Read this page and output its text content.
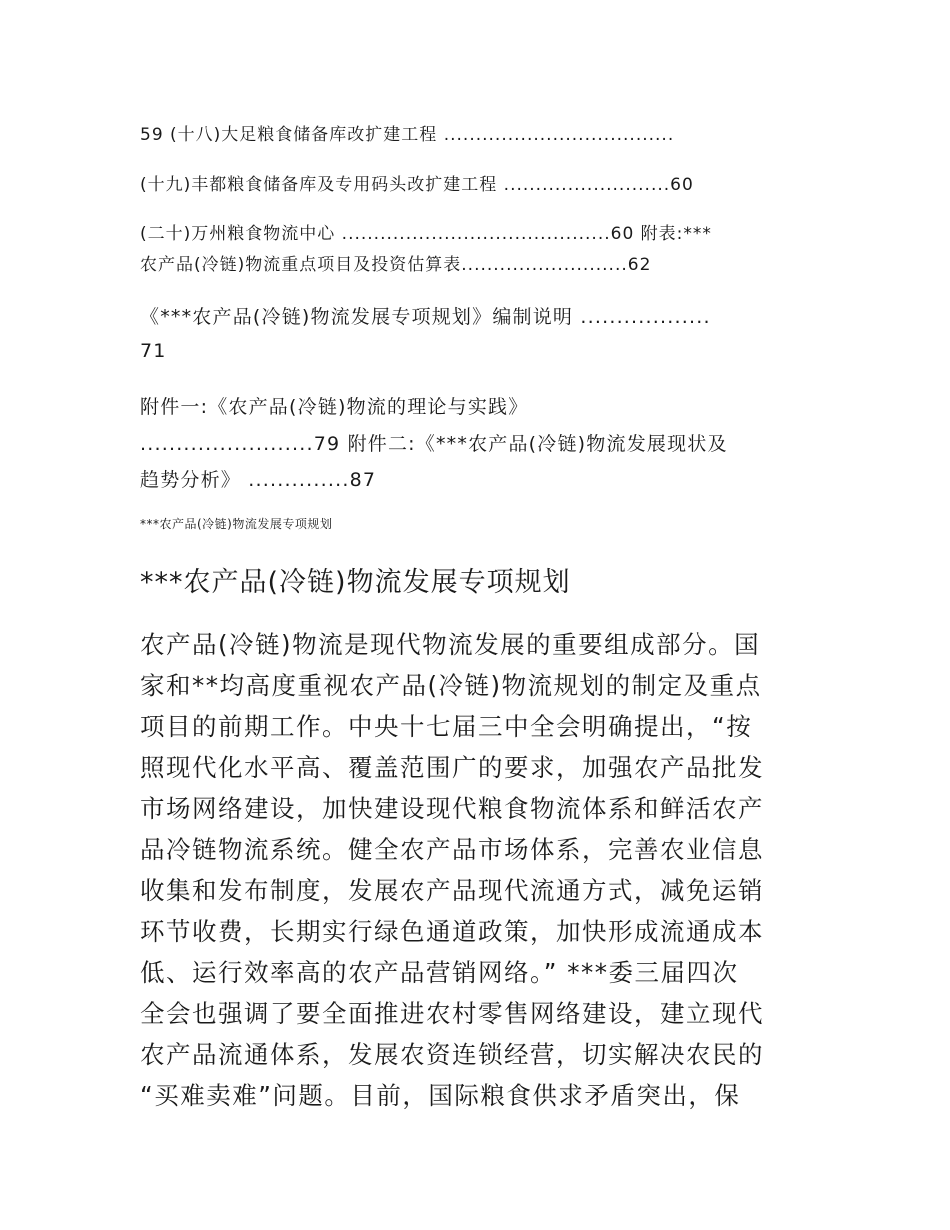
59 (十八)大足粮食储备库改扩建工程 ....................................

(十九)丰都粮食储备库及专用码头改扩建工程 ..........................60

(二十)万州粮食物流中心 ..........................................60 附表:***

农产品(冷链)物流重点项目及投资估算表..........................62

《***农产品(冷链)物流发展专项规划》编制说明 ..................

71

附件一:《农产品(冷链)物流的理论与实践》

........................79 附件二:《***农产品(冷链)物流发展现状及

趋势分析》 ..............87

***农产品(冷链)物流发展专项规划

***农产品(冷链)物流发展专项规划

农产品(冷链)物流是现代物流发展的重要组成部分。国

家和**均高度重视农产品(冷链)物流规划的制定及重点

项目的前期工作。中央十七届三中全会明确提出，“按

照现代化水平高、覆盖范围广的要求，加强农产品批发

市场网络建设，加快建设现代粮食物流体系和鲜活农产

品冷链物流系统。健全农产品市场体系，完善农业信息

收集和发布制度，发展农产品现代流通方式，减免运销

环节收费，长期实行绿色通道政策，加快形成流通成本

低、运行效率高的农产品营销网络。” ***委三届四次

全会也强调了要全面推进农村零售网络建设，建立现代

农产品流通体系，发展农资连锁经营，切实解决农民的

“买难卖难”问题。目前，国际粮食供求矛盾突出，保
